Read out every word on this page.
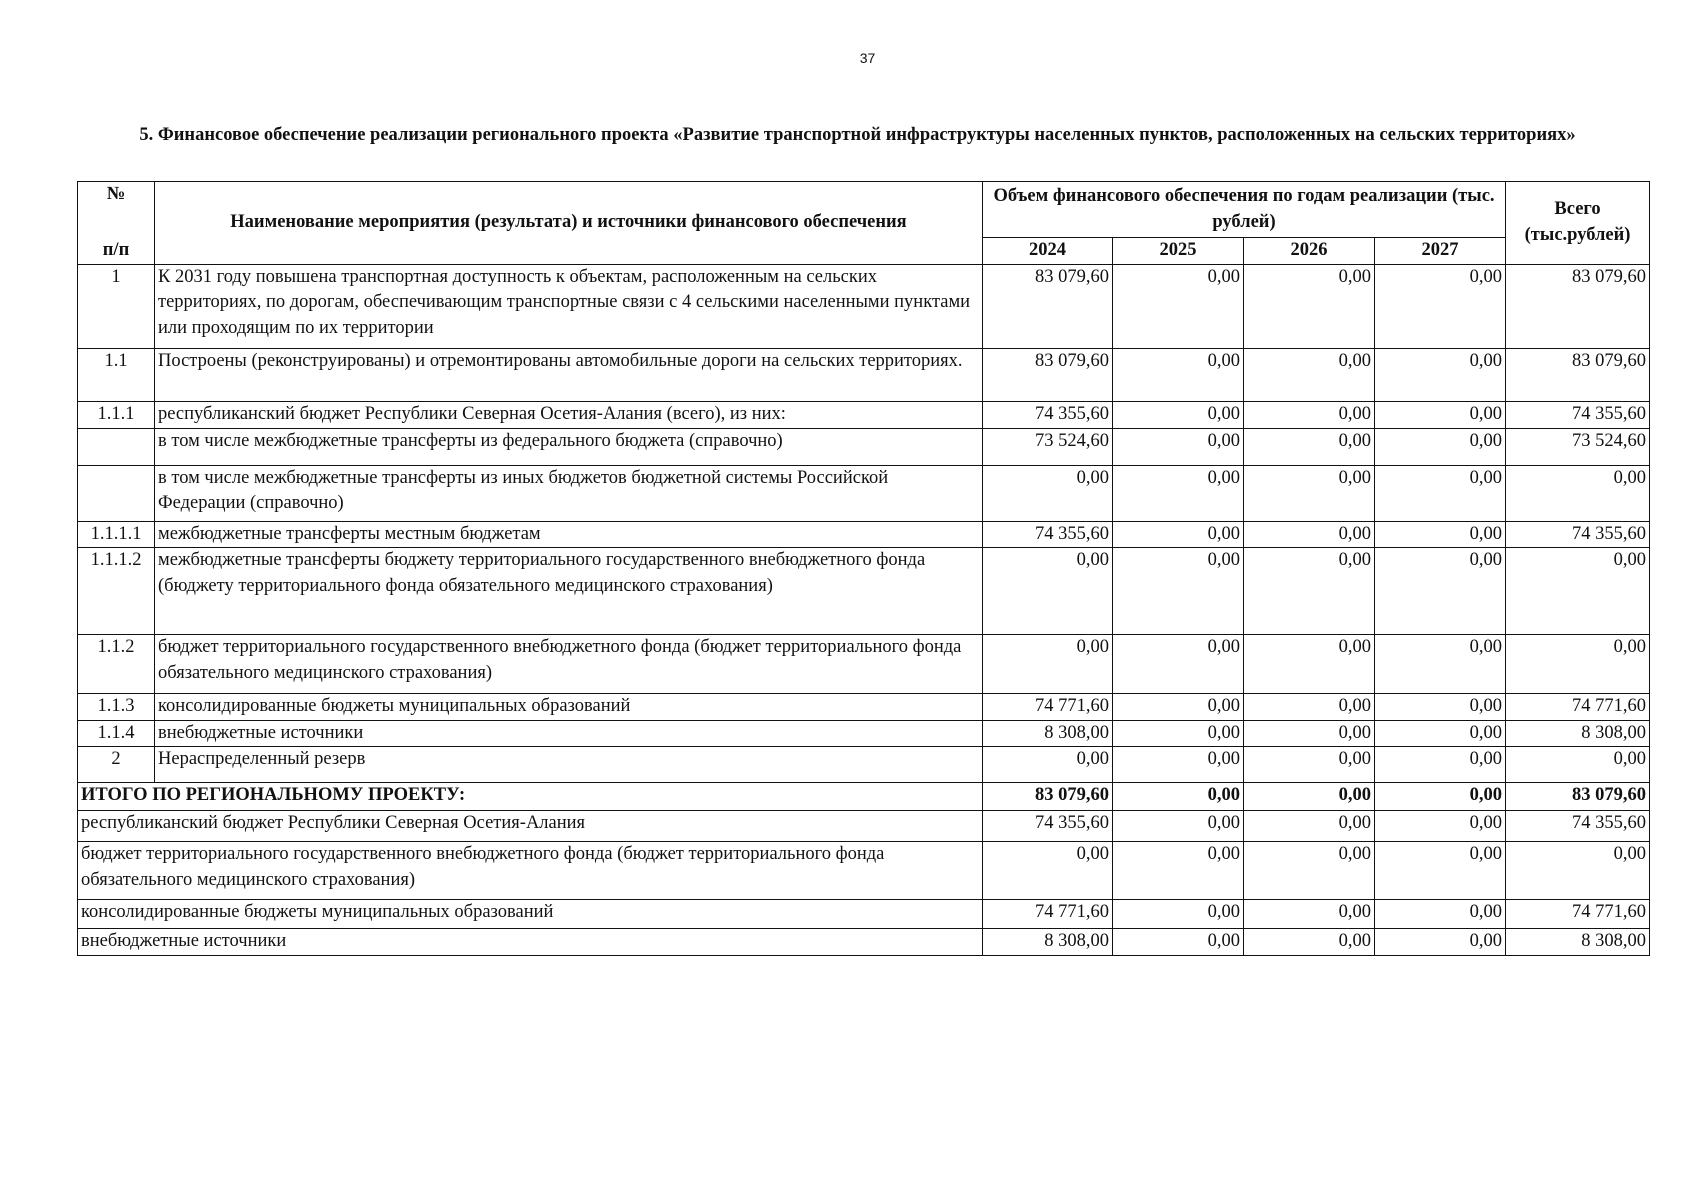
37
5. Финансовое обеспечение реализации регионального проекта «Развитие транспортной инфраструктуры населенных пунктов, расположенных на сельских территориях»
№	Наименование мероприятия (результата) и источники финансового обеспечения	Объем финансового обеспечения по годам реализации (тыс. рублей)				Всего (тыс.рублей)
п/п		2024	2025	2026	2027	
1	К 2031 году повышена транспортная доступность к объектам, расположенным на сельских территориях, по дорогам, обеспечивающим транспортные связи с 4 сельскими населенными пунктами или проходящим по их территории	83 079,60	0,00	0,00	0,00	83 079,60
1.1	Построены (реконструированы) и отремонтированы автомобильные дороги на сельских территориях.	83 079,60	0,00	0,00	0,00	83 079,60
1.1.1	республиканский бюджет Республики Северная Осетия-Алания (всего), из них:	74 355,60	0,00	0,00	0,00	74 355,60
	в том числе межбюджетные трансферты из федерального бюджета (справочно)	73 524,60	0,00	0,00	0,00	73 524,60
	в том числе межбюджетные трансферты из иных бюджетов бюджетной системы Российской Федерации (справочно)	0,00	0,00	0,00	0,00	0,00
1.1.1.1	межбюджетные трансферты местным бюджетам	74 355,60	0,00	0,00	0,00	74 355,60
1.1.1.2	межбюджетные трансферты бюджету территориального государственного внебюджетного фонда (бюджету территориального фонда обязательного медицинского страхования)	0,00	0,00	0,00	0,00	0,00
1.1.2	бюджет территориального государственного внебюджетного фонда (бюджет территориального фонда обязательного медицинского страхования)	0,00	0,00	0,00	0,00	0,00
1.1.3	консолидированные бюджеты муниципальных образований	74 771,60	0,00	0,00	0,00	74 771,60
1.1.4	внебюджетные источники	8 308,00	0,00	0,00	0,00	8 308,00
2	Нераспределенный резерв	0,00	0,00	0,00	0,00	0,00
ИТОГО ПО РЕГИОНАЛЬНОМУ ПРОЕКТУ:		83 079,60	0,00	0,00	0,00	83 079,60
республиканский бюджет Республики Северная Осетия-Алания		74 355,60	0,00	0,00	0,00	74 355,60
бюджет территориального государственного внебюджетного фонда (бюджет территориального фонда обязательного медицинского страхования)		0,00	0,00	0,00	0,00	0,00
консолидированные бюджеты муниципальных образований		74 771,60	0,00	0,00	0,00	74 771,60
внебюджетные источники		8 308,00	0,00	0,00	0,00	8 308,00
